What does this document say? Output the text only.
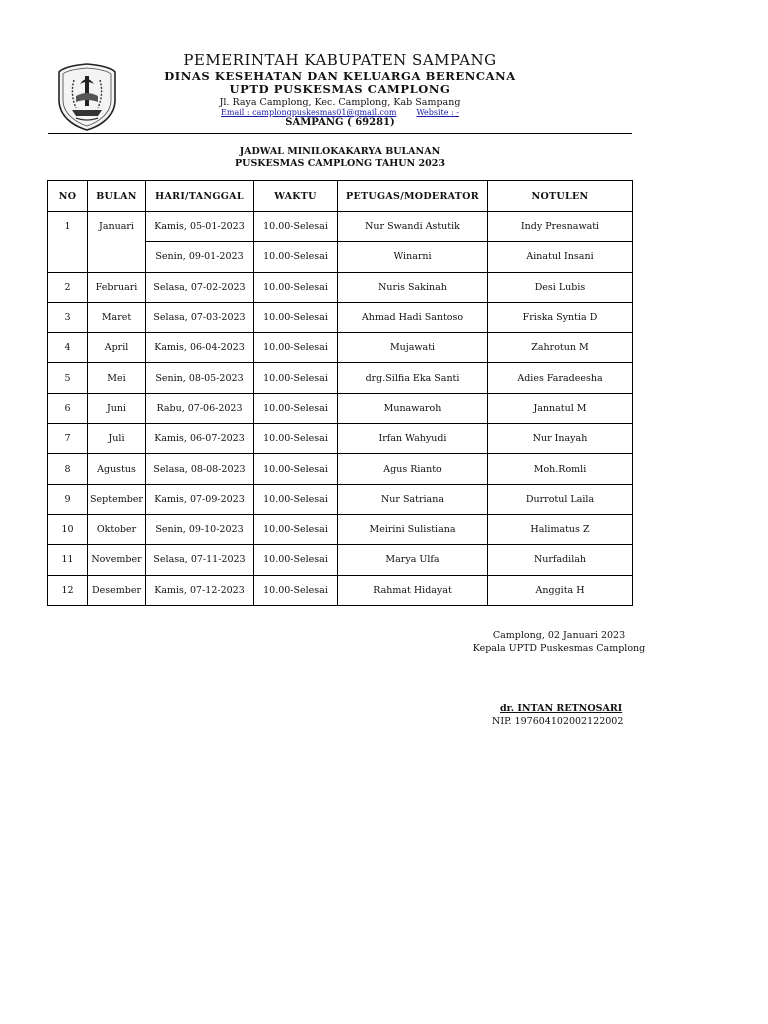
PEMERINTAH KABUPATEN SAMPANG
DINAS KESEHATAN DAN KELUARGA BERENCANA
UPTD PUSKESMAS CAMPLONG
Jl. Raya Camplong, Kec. Camplong, Kab Sampang
Email : camplongpuskesmas01@gmail.com	Website : -
SAMPANG ( 69281)
JADWAL MINILOKAKARYA BULANAN
PUSKESMAS CAMPLONG TAHUN 2023
NO	BULAN	HARI/TANGGAL	WAKTU	PETUGAS/MODERATOR	NOTULEN
1	Januari	Kamis, 05-01-2023	10.00-Selesai	Nur Swandi Astutik	Indy Presnawati
		Senin, 09-01-2023	10.00-Selesai	Winarni	Ainatul Insani
2	Februari	Selasa, 07-02-2023	10.00-Selesai	Nuris Sakinah	Desi Lubis
3	Maret	Selasa, 07-03-2023	10.00-Selesai	Ahmad Hadi Santoso	Friska Syntia D
4	April	Kamis, 06-04-2023	10.00-Selesai	Mujawati	Zahrotun M
5	Mei	Senin, 08-05-2023	10.00-Selesai	drg.Silfia Eka Santi	Adies Faradeesha
6	Juni	Rabu, 07-06-2023	10.00-Selesai	Munawaroh	Jannatul M
7	Juli	Kamis, 06-07-2023	10.00-Selesai	Irfan Wahyudi	Nur Inayah
8	Agustus	Selasa, 08-08-2023	10.00-Selesai	Agus Rianto	Moh.Romli
9	September	Kamis, 07-09-2023	10.00-Selesai	Nur Satriana	Durrotul Laila
10	Oktober	Senin, 09-10-2023	10.00-Selesai	Meirini Sulistiana	Halimatus Z
11	November	Selasa, 07-11-2023	10.00-Selesai	Marya Ulfa	Nurfadilah
12	Desember	Kamis, 07-12-2023	10.00-Selesai	Rahmat Hidayat	Anggita H
Camplong, 02 Januari 2023
Kepala UPTD Puskesmas Camplong
dr. INTAN RETNOSARI
NIP. 197604102002122002
